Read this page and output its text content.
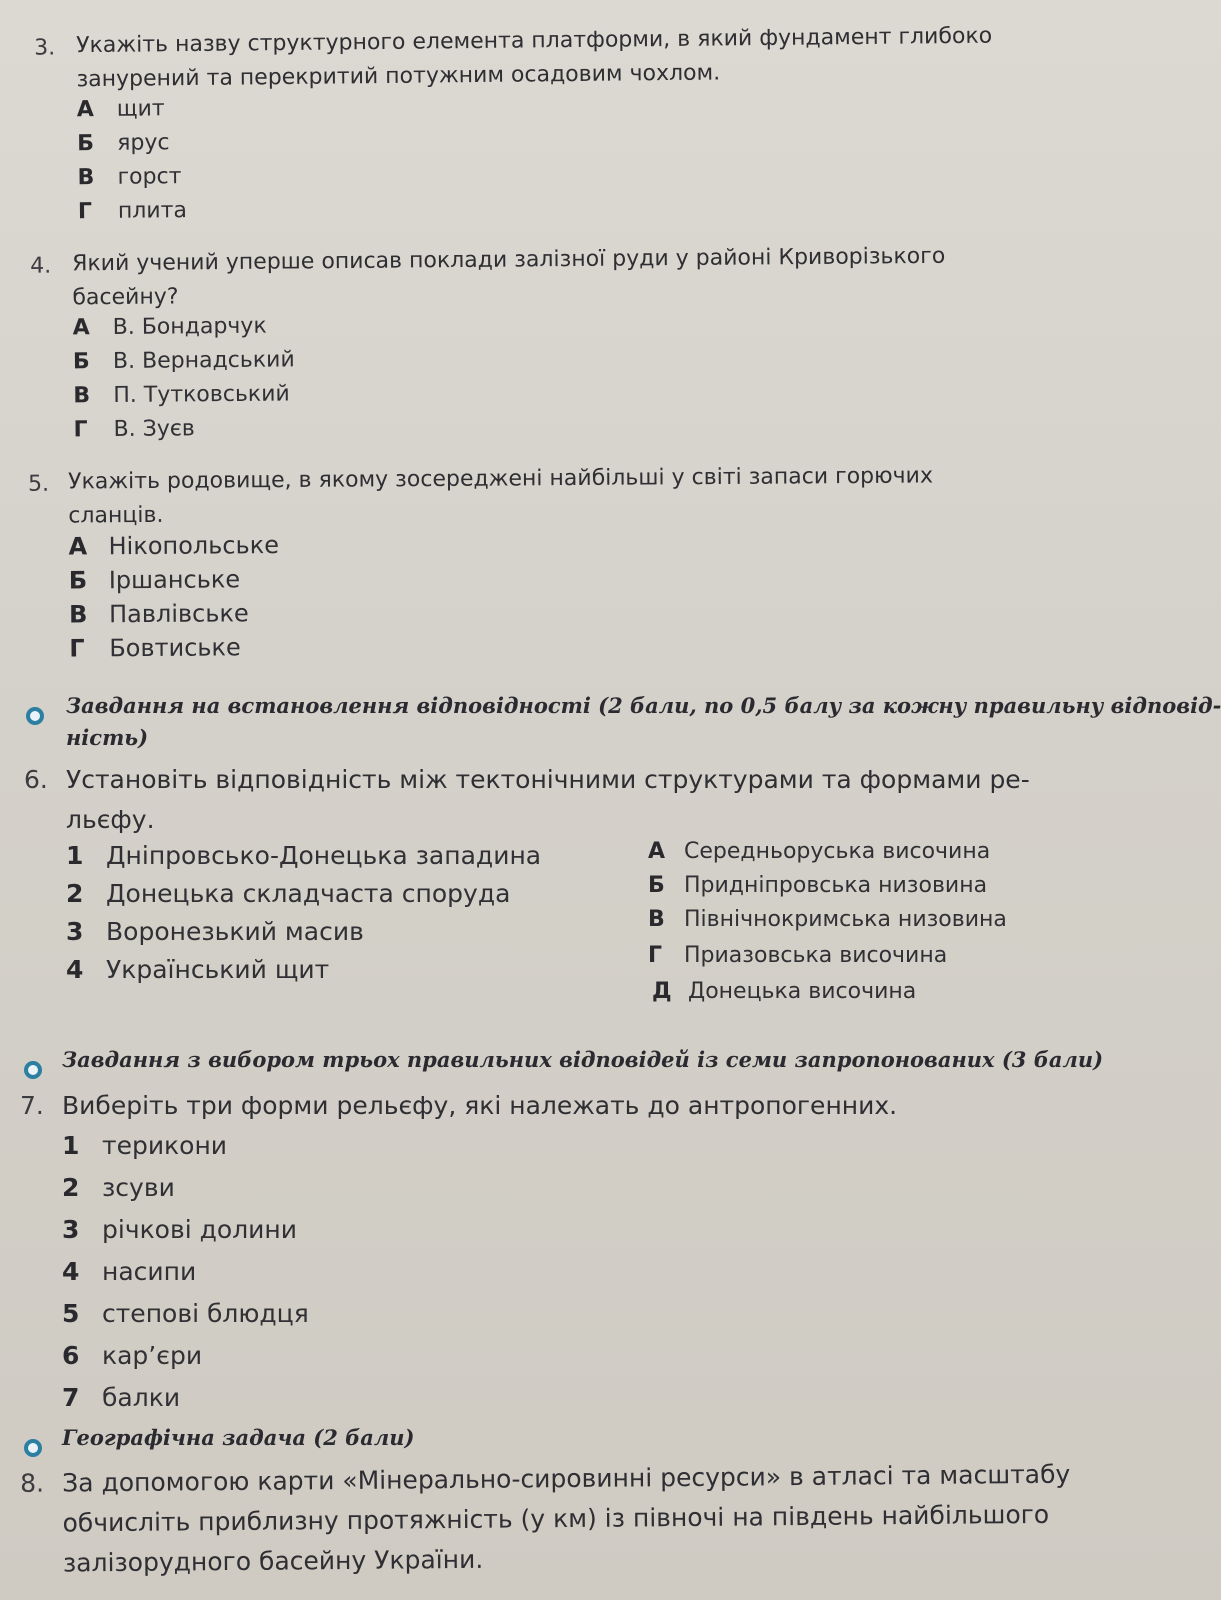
3. Укажіть назву структурного елемента платформи, в який фундамент глибоко
занурений та перекритий потужним осадовим чохлом.
А щит
Б ярус
В горст
Г плита
4. Який учений уперше описав поклади залізної руди у районі Криворізького
басейну?
А В. Бондарчук
Б В. Вернадський
В П. Тутковський
Г В. Зуєв
5. Укажіть родовище, в якому зосереджені найбільші у світі запаси горючих
сланців.
А Нікопольське
Б Іршанське
В Павлівське
Г Бовтиське
Завдання на встановлення відповідності (2 бали, по 0,5 балу за кожну правильну відповід-
ність)
6. Установіть відповідність між тектонічними структурами та формами ре-
льєфу.
1 Дніпровсько-Донецька западина
2 Донецька складчаста споруда
3 Воронезький масив
4 Український щит
А Середньоруська височина
Б Придніпровська низовина
В Північнокримська низовина
Г Приазовська височина
Д Донецька височина
Завдання з вибором трьох правильних відповідей із семи запропонованих (3 бали)
7. Виберіть три форми рельєфу, які належать до антропогенних.
1 терикони
2 зсуви
3 річкові долини
4 насипи
5 степові блюдця
6 кар’єри
7 балки
Географічна задача (2 бали)
8. За допомогою карти «Мінерально-сировинні ресурси» в атласі та масштабу
обчисліть приблизну протяжність (у км) із півночі на південь найбільшого
залізорудного басейну України.
